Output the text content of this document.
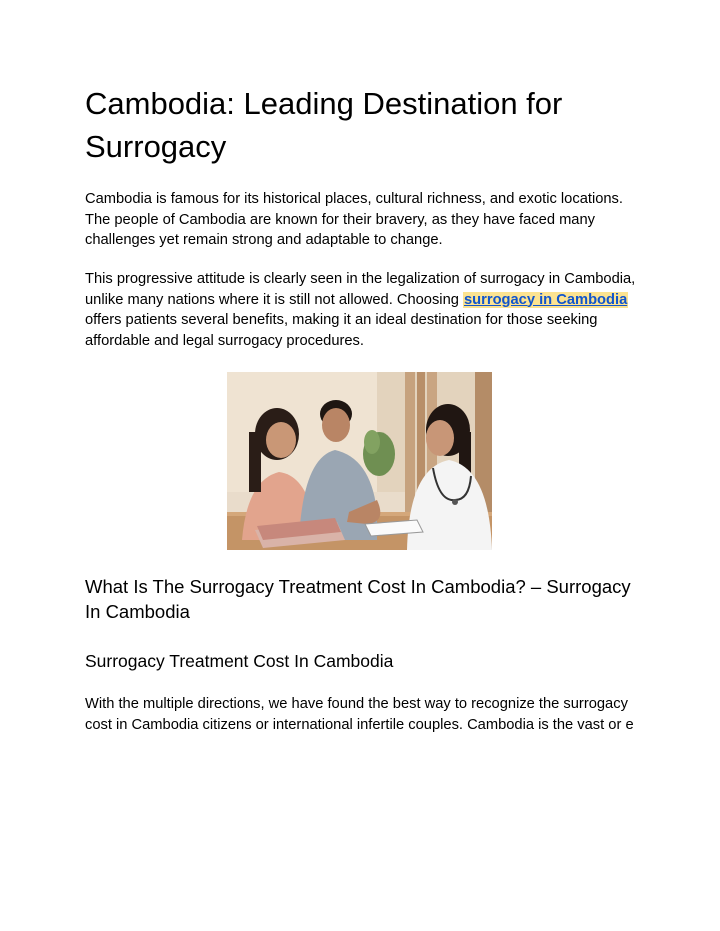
Cambodia: Leading Destination for Surrogacy

Cambodia is famous for its historical places, cultural richness, and exotic locations. The people of Cambodia are known for their bravery, as they have faced many challenges yet remain strong and adaptable to change.

This progressive attitude is clearly seen in the legalization of surrogacy in Cambodia, unlike many nations where it is still not allowed. Choosing surrogacy in Cambodia offers patients several benefits, making it an ideal destination for those seeking affordable and legal surrogacy procedures.

What Is The Surrogacy Treatment Cost In Cambodia? – Surrogacy In Cambodia
Surrogacy Treatment Cost In Cambodia

With the multiple directions, we have found the best way to recognize the surrogacy cost in Cambodia citizens or international infertile couples. Cambodia is the vast or e
